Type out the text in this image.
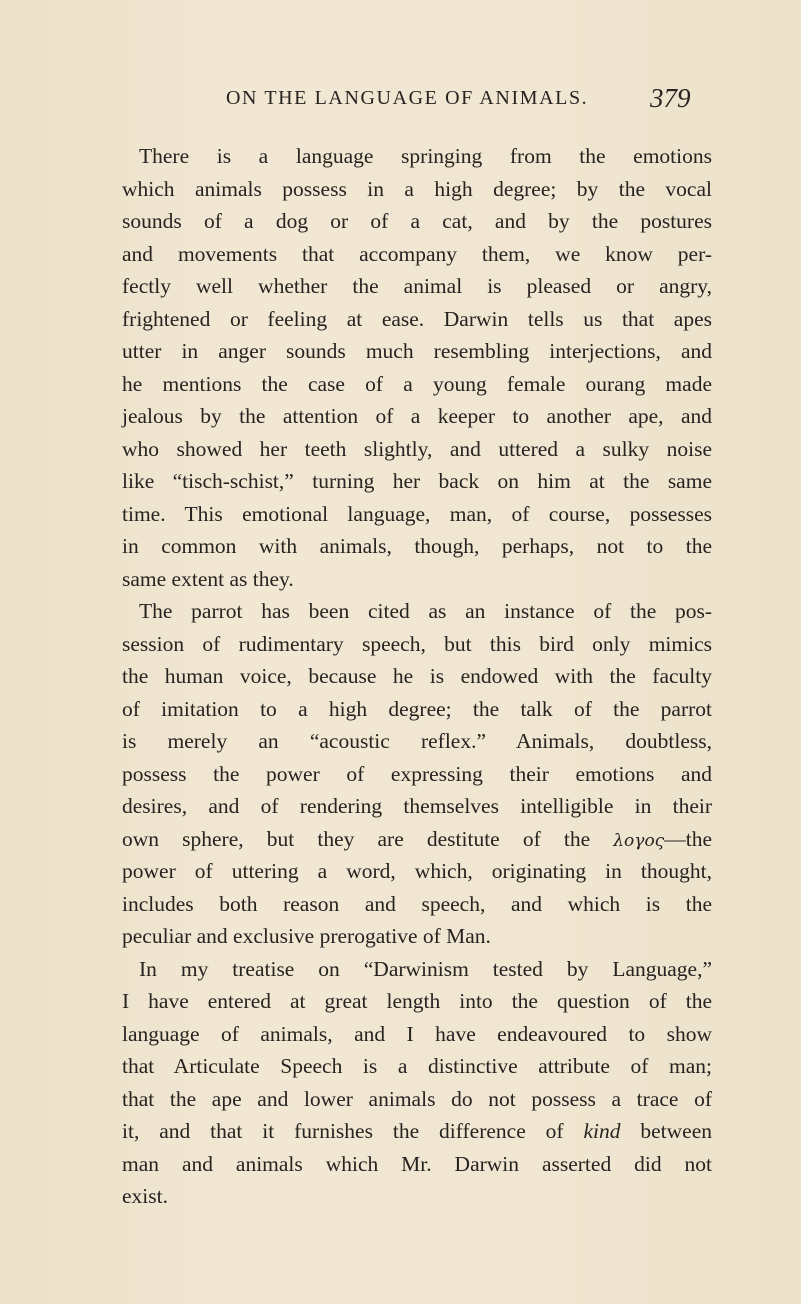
ON THE LANGUAGE OF ANIMALS. 379
There is a language springing from the emotions
which animals possess in a high degree; by the vocal
sounds of a dog or of a cat, and by the postures
and movements that accompany them, we know per-
fectly well whether the animal is pleased or angry,
frightened or feeling at ease. Darwin tells us that apes
utter in anger sounds much resembling interjections, and
he mentions the case of a young female ourang made
jealous by the attention of a keeper to another ape, and
who showed her teeth slightly, and uttered a sulky noise
like “tisch-schist,” turning her back on him at the same
time. This emotional language, man, of course, possesses
in common with animals, though, perhaps, not to the
same extent as they.
The parrot has been cited as an instance of the pos-
session of rudimentary speech, but this bird only mimics
the human voice, because he is endowed with the faculty
of imitation to a high degree; the talk of the parrot
is merely an “acoustic reflex.” Animals, doubtless,
possess the power of expressing their emotions and
desires, and of rendering themselves intelligible in their
own sphere, but they are destitute of the λογος—the
power of uttering a word, which, originating in thought,
includes both reason and speech, and which is the
peculiar and exclusive prerogative of Man.
In my treatise on “Darwinism tested by Language,”
I have entered at great length into the question of the
language of animals, and I have endeavoured to show
that Articulate Speech is a distinctive attribute of man;
that the ape and lower animals do not possess a trace of
it, and that it furnishes the difference of kind between
man and animals which Mr. Darwin asserted did not
exist.
